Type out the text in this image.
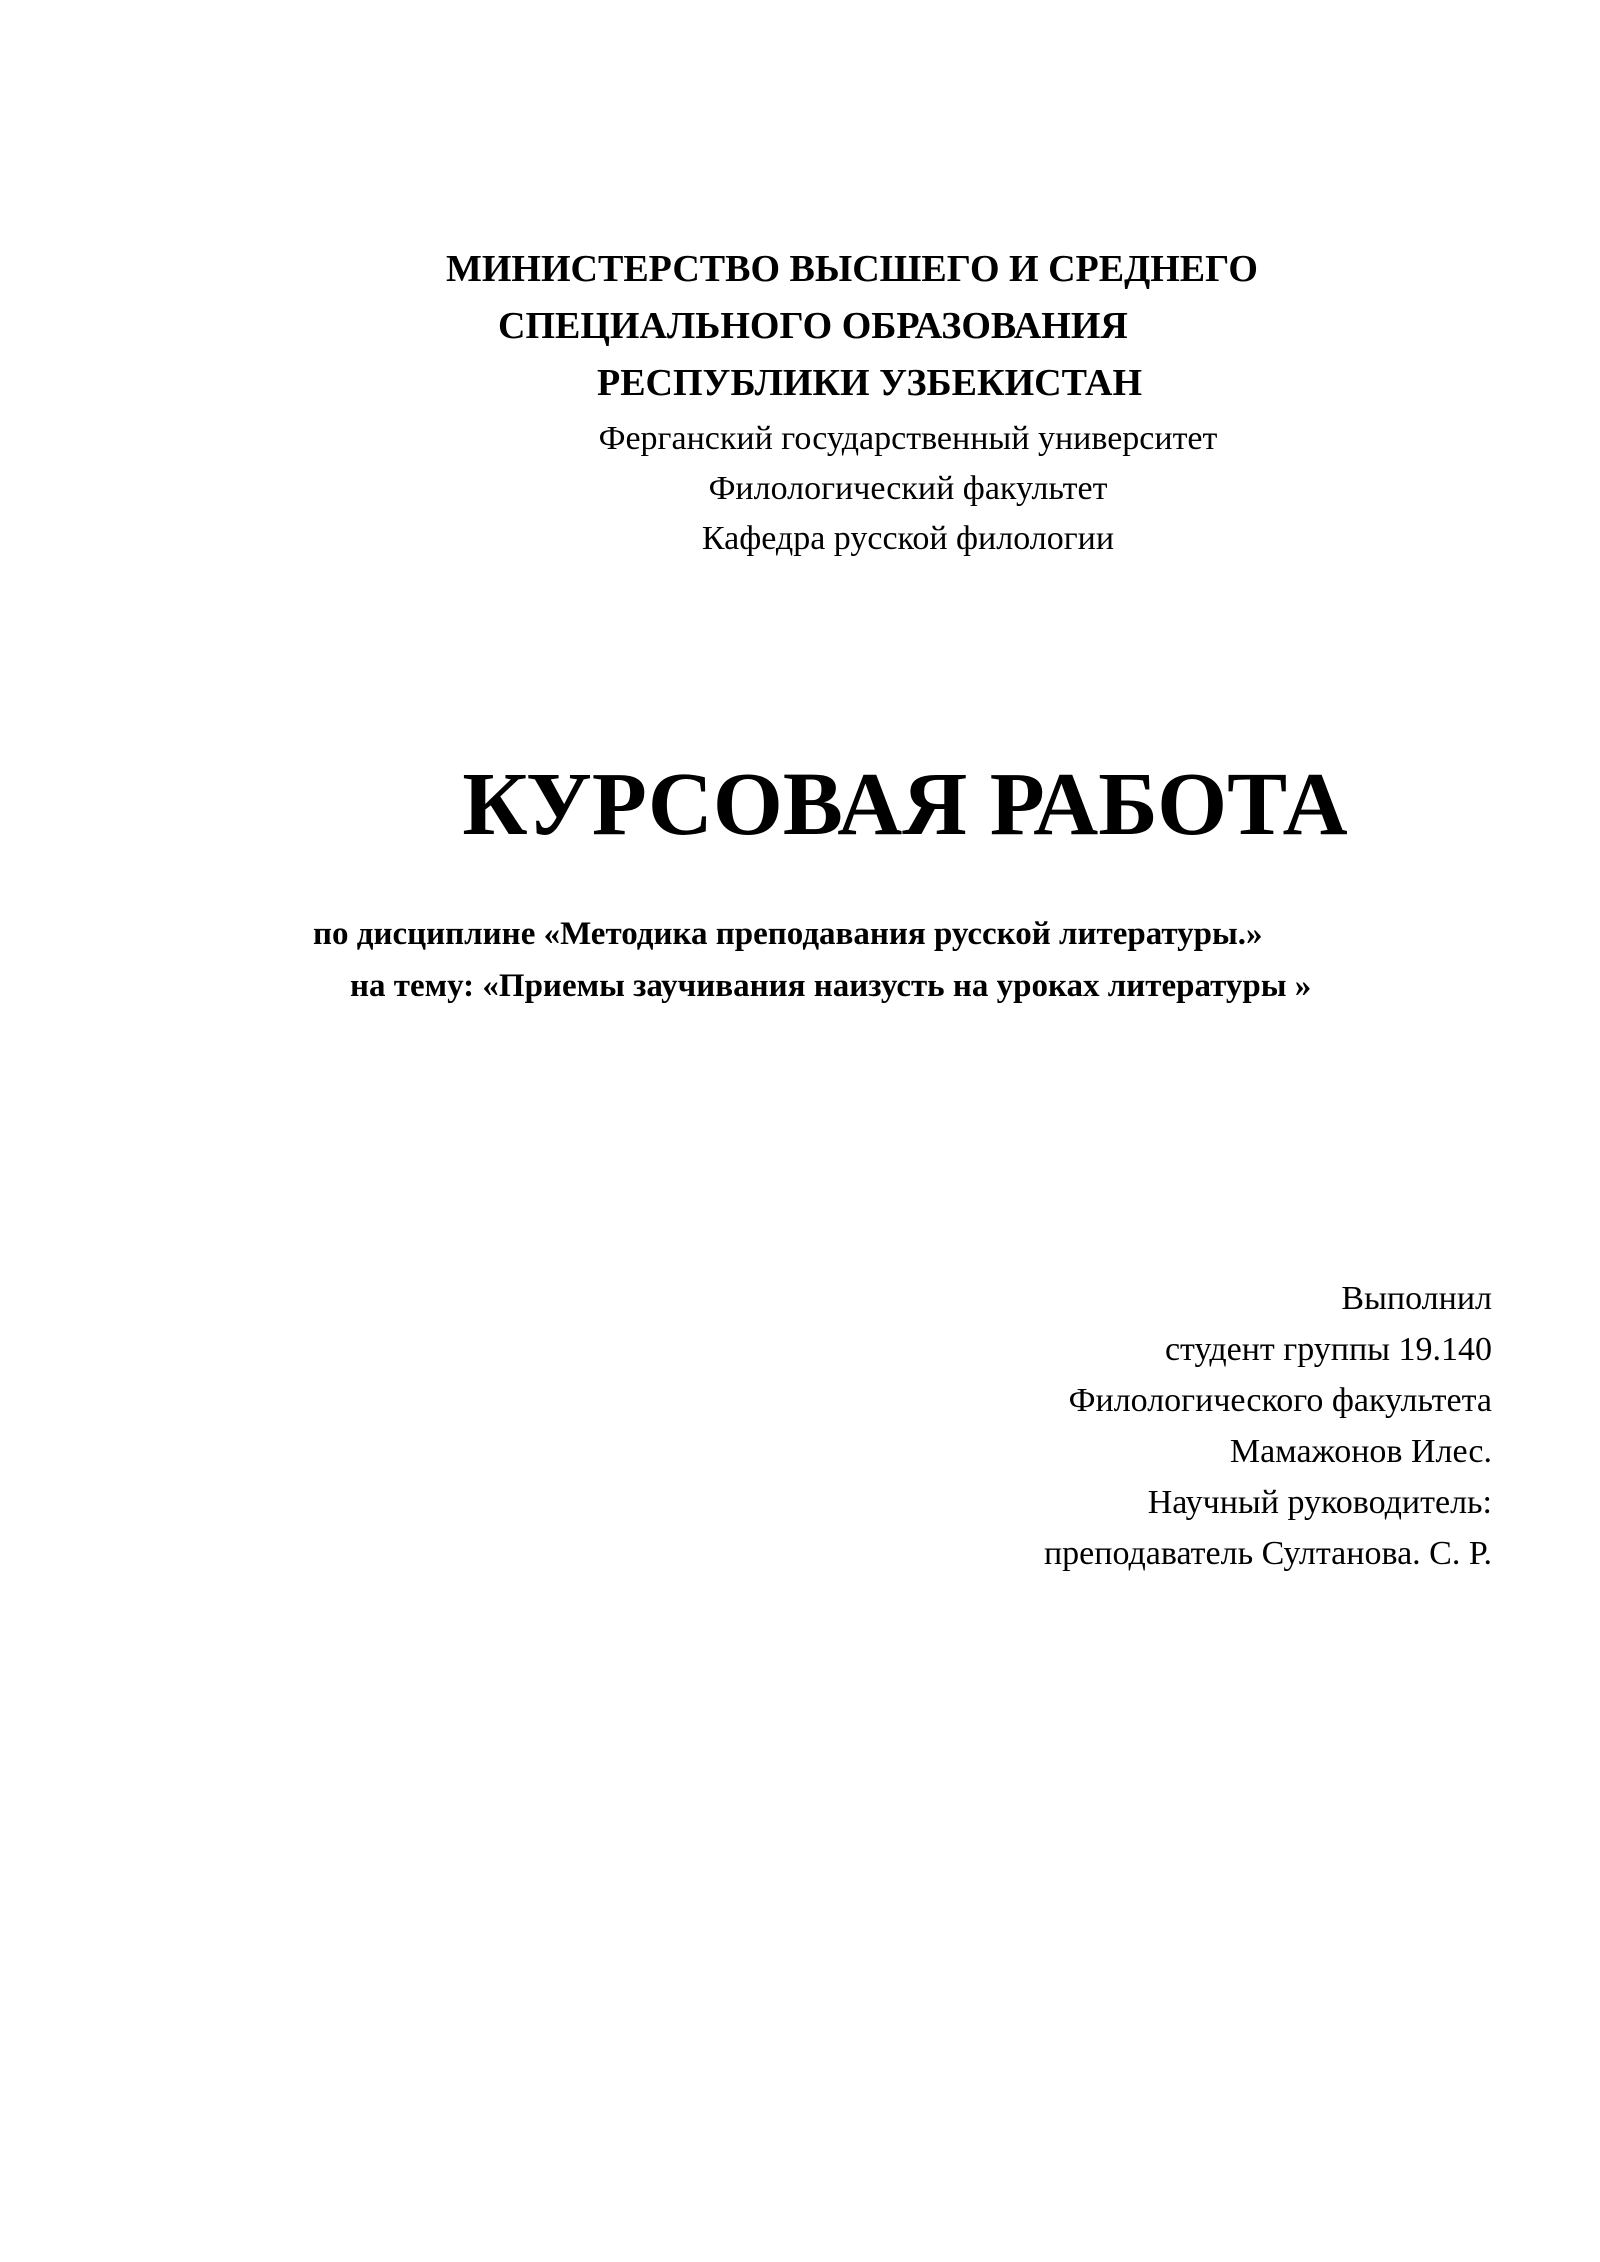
МИНИСТЕРСТВО ВЫСШЕГО И СРЕДНЕГО
СПЕЦИАЛЬНОГО ОБРАЗОВАНИЯ
РЕСПУБЛИКИ УЗБЕКИСТАН
Ферганский государственный университет
Филологический факультет
Кафедра русской филологии
КУРСОВАЯ РАБОТА
по дисциплине «Методика преподавания русской литературы.»
на тему: «Приемы заучивания наизусть на уроках литературы »
Выполнил
студент группы 19.140
Филологического факультета
Мамажонов Илес.
Научный руководитель:
преподаватель Султанова. С. Р.
